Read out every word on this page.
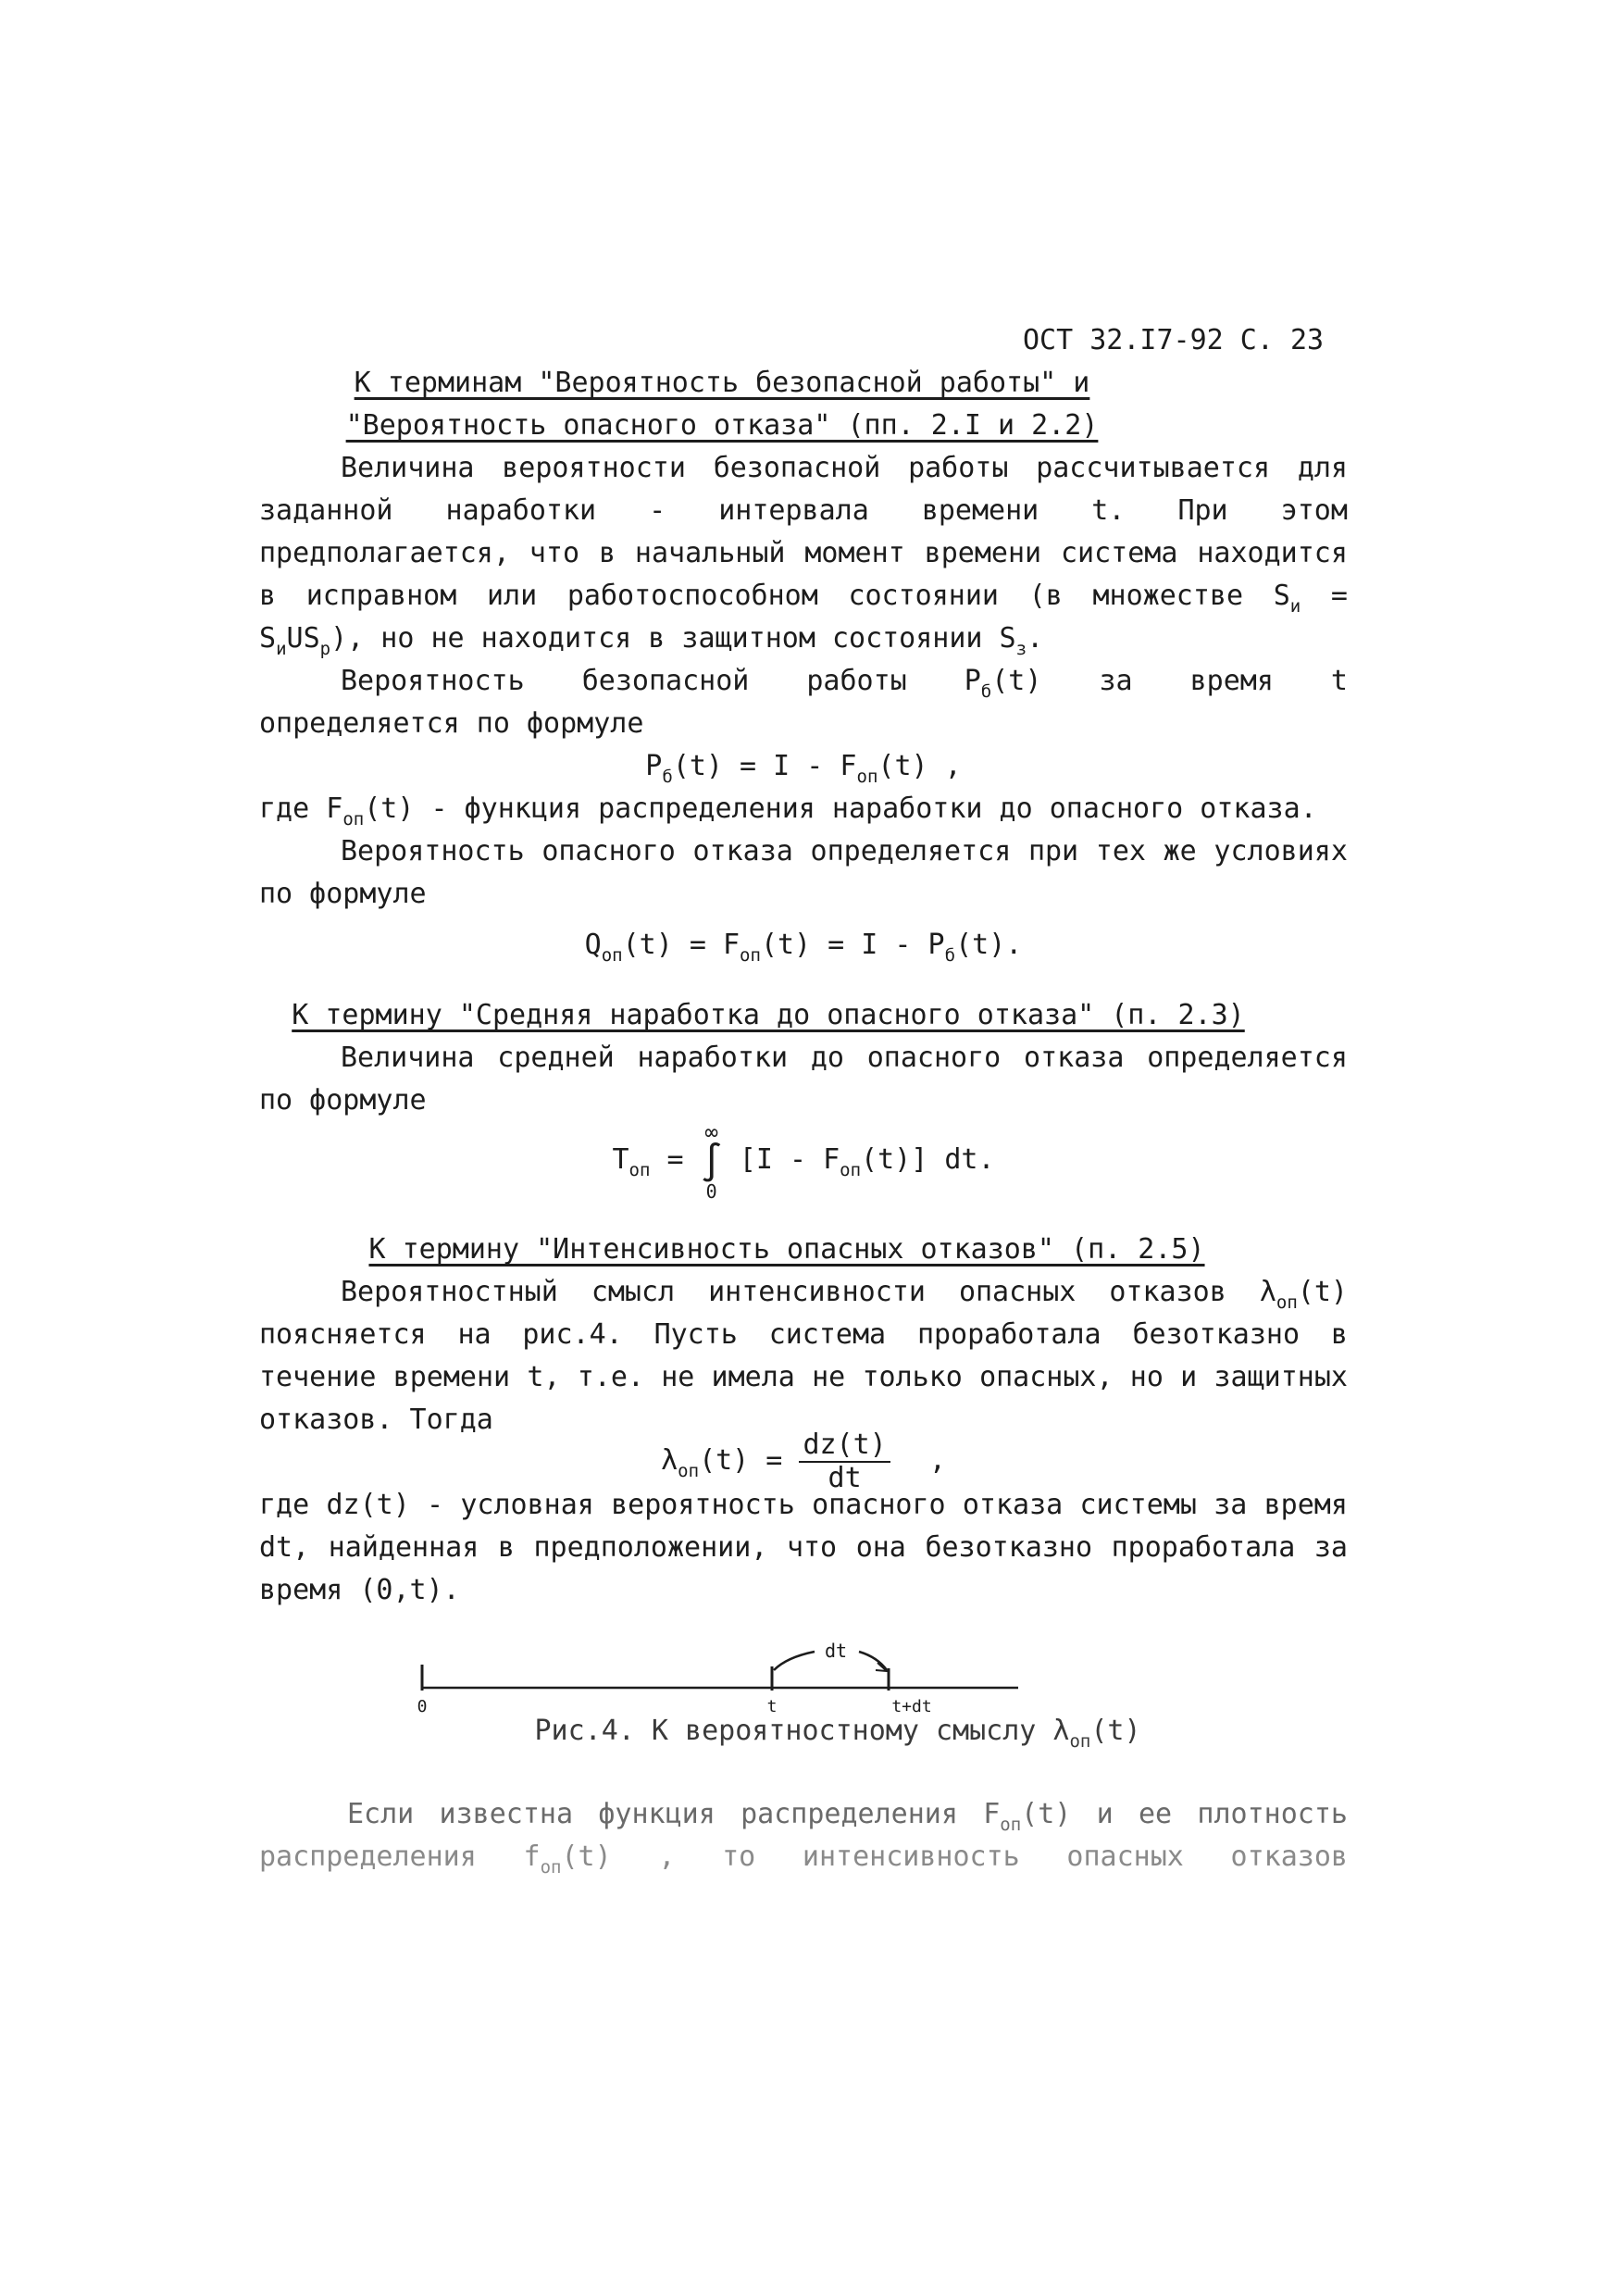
ОСТ 32.I7-92 С. 23
К терминам "Вероятность безопасной работы" и
"Вероятность опасного отказа" (пп. 2.I и 2.2)
Величина вероятности безопасной работы рассчитывается для
заданной наработки - интервала времени t. При этом
предполагается, что в начальный момент времени система находится
в исправном или работоспособном состоянии (в множестве $S_и$ =
$S_иUS_р$), но не находится в защитном состоянии $S_з$.
Вероятность безопасной работы $P_б(t)$ за время t
определяется по формуле
$P_б(t) = I - F_{оп}(t)$ ,
где $F_{оп}(t)$ - функция распределения наработки до опасного отказа.
Вероятность опасного отказа определяется при тех же условиях
по формуле
$Q_{оп}(t) = F_{оп}(t) = I - P_б(t)$.
К термину "Средняя наработка до опасного отказа" (п. 2.3)
Величина средней наработки до опасного отказа определяется
по формуле
$T_{оп}$ =
∞
∫
0
$[I - F_{оп}(t)]$ dt.
К термину "Интенсивность опасных отказов" (п. 2.5)
Вероятностный смысл интенсивности опасных отказов $\lambda_{оп}(t)$
поясняется на рис.4. Пусть система проработала безотказно в
течение времени t, т.е. не имела не только опасных, но и защитных
отказов. Тогда
$\lambda_{оп}(t) = \frac{dz(t)}{dt}$ ,
где dz(t) - условная вероятность опасного отказа системы за время
dt, найденная в предположении, что она безотказно проработала за
время (0,t).
dt
0	t	t+dt
Рис.4. К вероятностному смыслу $\lambda_{оп}(t)$
Если известна функция распределения $F_{оп}(t)$ и ее плотность
распределения $f_{оп}(t)$ , то интенсивность опасных отказов
